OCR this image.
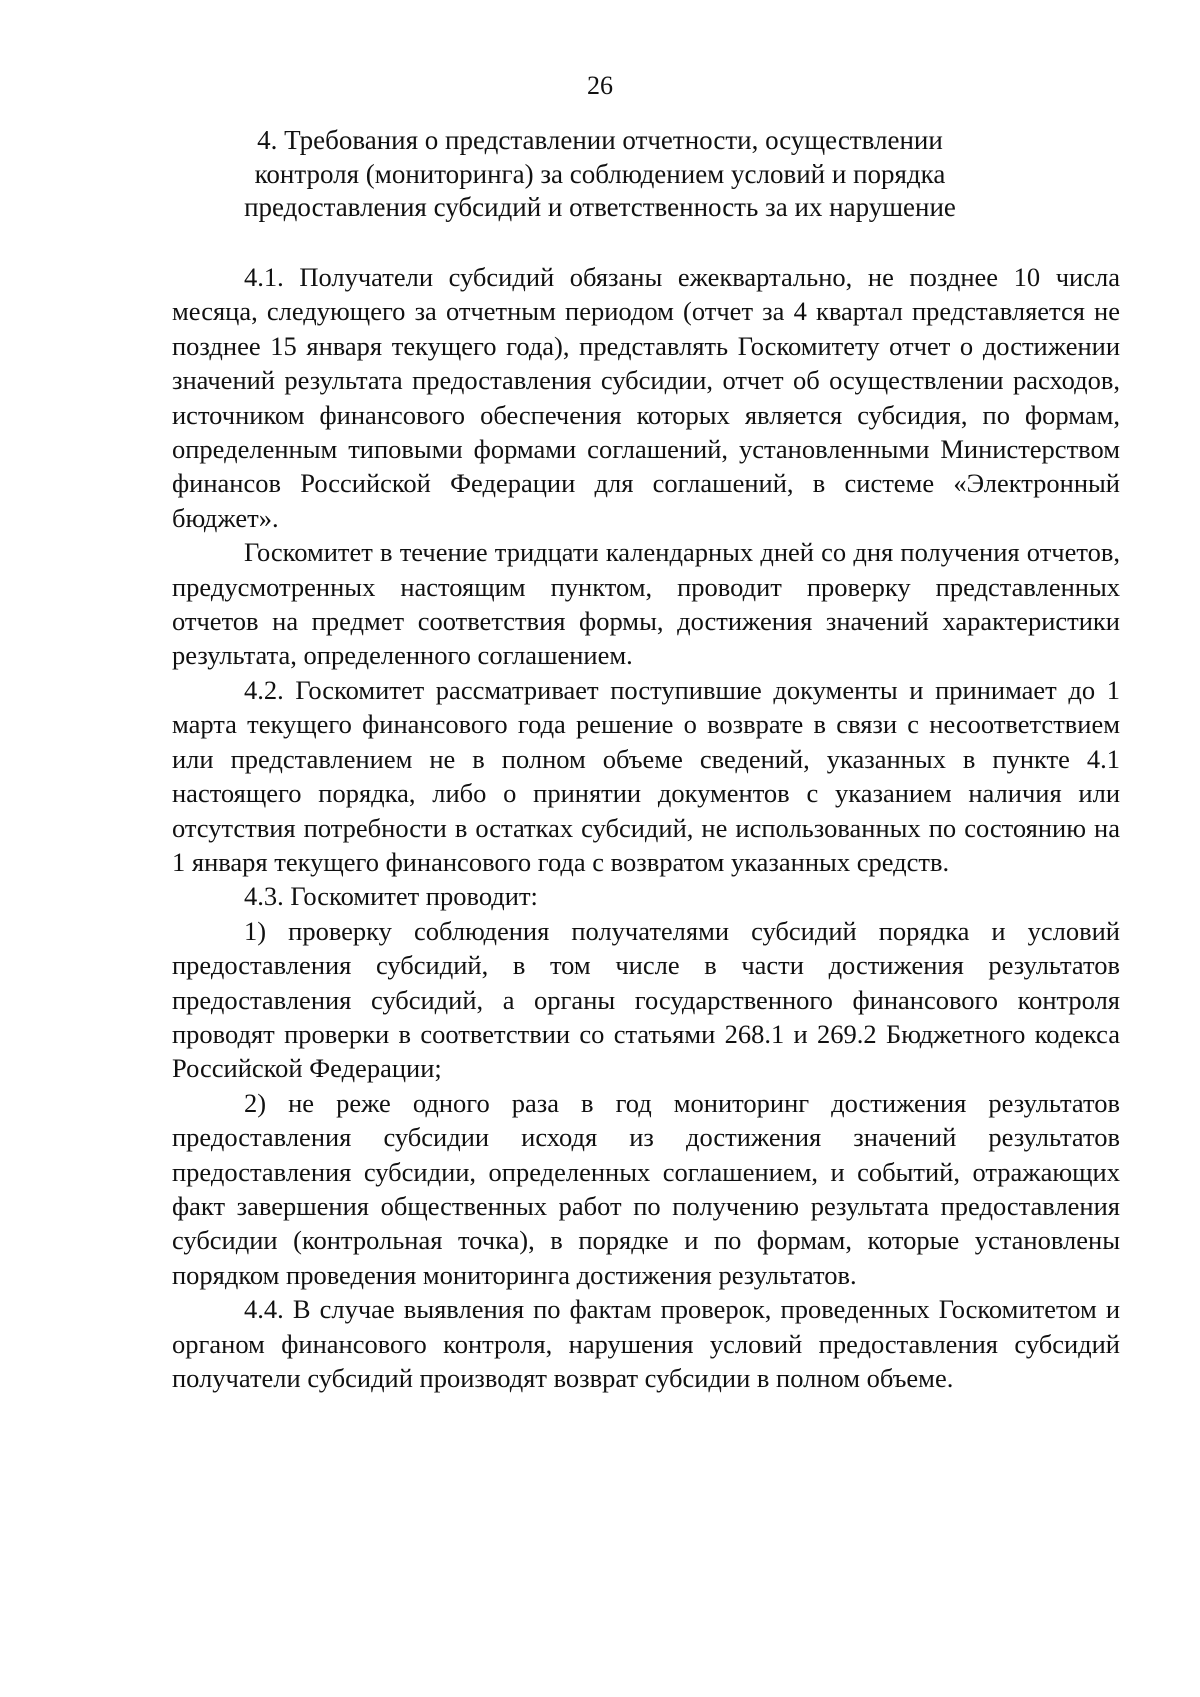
26
4. Требования о представлении отчетности, осуществлении
контроля (мониторинга) за соблюдением условий и порядка
предоставления субсидий и ответственность за их нарушение

4.1. Получатели субсидий обязаны ежеквартально, не позднее 10 числа месяца, следующего за отчетным периодом (отчет за 4 квартал представляется не позднее 15 января текущего года), представлять Госкомитету отчет о достижении значений результата предоставления субсидии, отчет об осуществлении расходов, источником финансового обеспечения которых является субсидия, по формам, определенным типовыми формами соглашений, установленными Министерством финансов Российской Федерации для соглашений, в системе «Электронный бюджет».

Госкомитет в течение тридцати календарных дней со дня получения отчетов, предусмотренных настоящим пунктом, проводит проверку представленных отчетов на предмет соответствия формы, достижения значений характеристики результата, определенного соглашением.

4.2. Госкомитет рассматривает поступившие документы и принимает до 1 марта текущего финансового года решение о возврате в связи с несоответствием или представлением не в полном объеме сведений, указанных в пункте 4.1 настоящего порядка, либо о принятии документов с указанием наличия или отсутствия потребности в остатках субсидий, не использованных по состоянию на 1 января текущего финансового года с возвратом указанных средств.

4.3. Госкомитет проводит:

1) проверку соблюдения получателями субсидий порядка и условий предоставления субсидий, в том числе в части достижения результатов предоставления субсидий, а органы государственного финансового контроля проводят проверки в соответствии со статьями 268.1 и 269.2 Бюджетного кодекса Российской Федерации;

2) не реже одного раза в год мониторинг достижения результатов предоставления субсидии исходя из достижения значений результатов предоставления субсидии, определенных соглашением, и событий, отражающих факт завершения общественных работ по получению результата предоставления субсидии (контрольная точка), в порядке и по формам, которые установлены порядком проведения мониторинга достижения результатов.

4.4. В случае выявления по фактам проверок, проведенных Госкомитетом и органом финансового контроля, нарушения условий предоставления субсидий получатели субсидий производят возврат субсидии в полном объеме.
